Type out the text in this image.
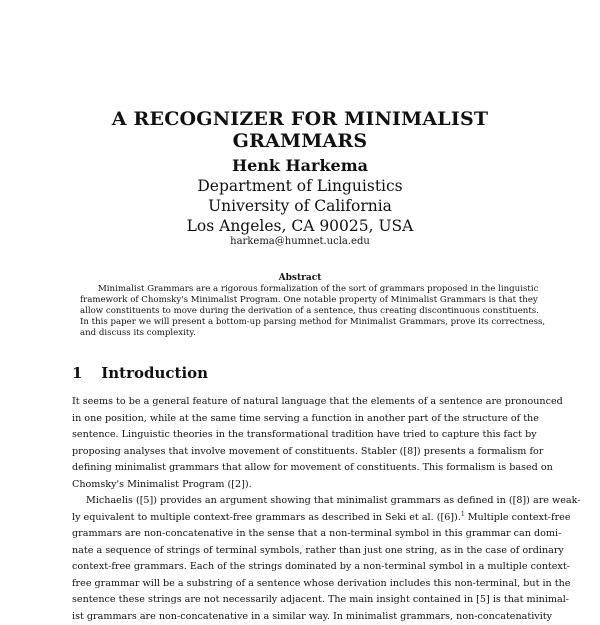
A RECOGNIZER FOR MINIMALIST
GRAMMARS
Henk Harkema
Department of Linguistics
University of California
Los Angeles, CA 90025, USA
harkema@humnet.ucla.edu
Abstract
Minimalist Grammars are a rigorous formalization of the sort of grammars proposed in the linguistic
framework of Chomsky's Minimalist Program. One notable property of Minimalist Grammars is that they
allow constituents to move during the derivation of a sentence, thus creating discontinuous constituents.
In this paper we will present a bottom-up parsing method for Minimalist Grammars, prove its correctness,
and discuss its complexity.
1 Introduction
It seems to be a general feature of natural language that the elements of a sentence are pronounced
in one position, while at the same time serving a function in another part of the structure of the
sentence. Linguistic theories in the transformational tradition have tried to capture this fact by
proposing analyses that involve movement of constituents. Stabler ([8]) presents a formalism for
defining minimalist grammars that allow for movement of constituents. This formalism is based on
Chomsky's Minimalist Program ([2]).
Michaelis ([5]) provides an argument showing that minimalist grammars as defined in ([8]) are weak-
ly equivalent to multiple context-free grammars as described in Seki et al. ([6]).$^1$ Multiple context-free
grammars are non-concatenative in the sense that a non-terminal symbol in this grammar can domi-
nate a sequence of strings of terminal symbols, rather than just one string, as in the case of ordinary
context-free grammars. Each of the strings dominated by a non-terminal symbol in a multiple context-
free grammar will be a substring of a sentence whose derivation includes this non-terminal, but in the
sentence these strings are not necessarily adjacent. The main insight contained in [5] is that minimal-
ist grammars are non-concatenative in a similar way. In minimalist grammars, non-concatenativity
